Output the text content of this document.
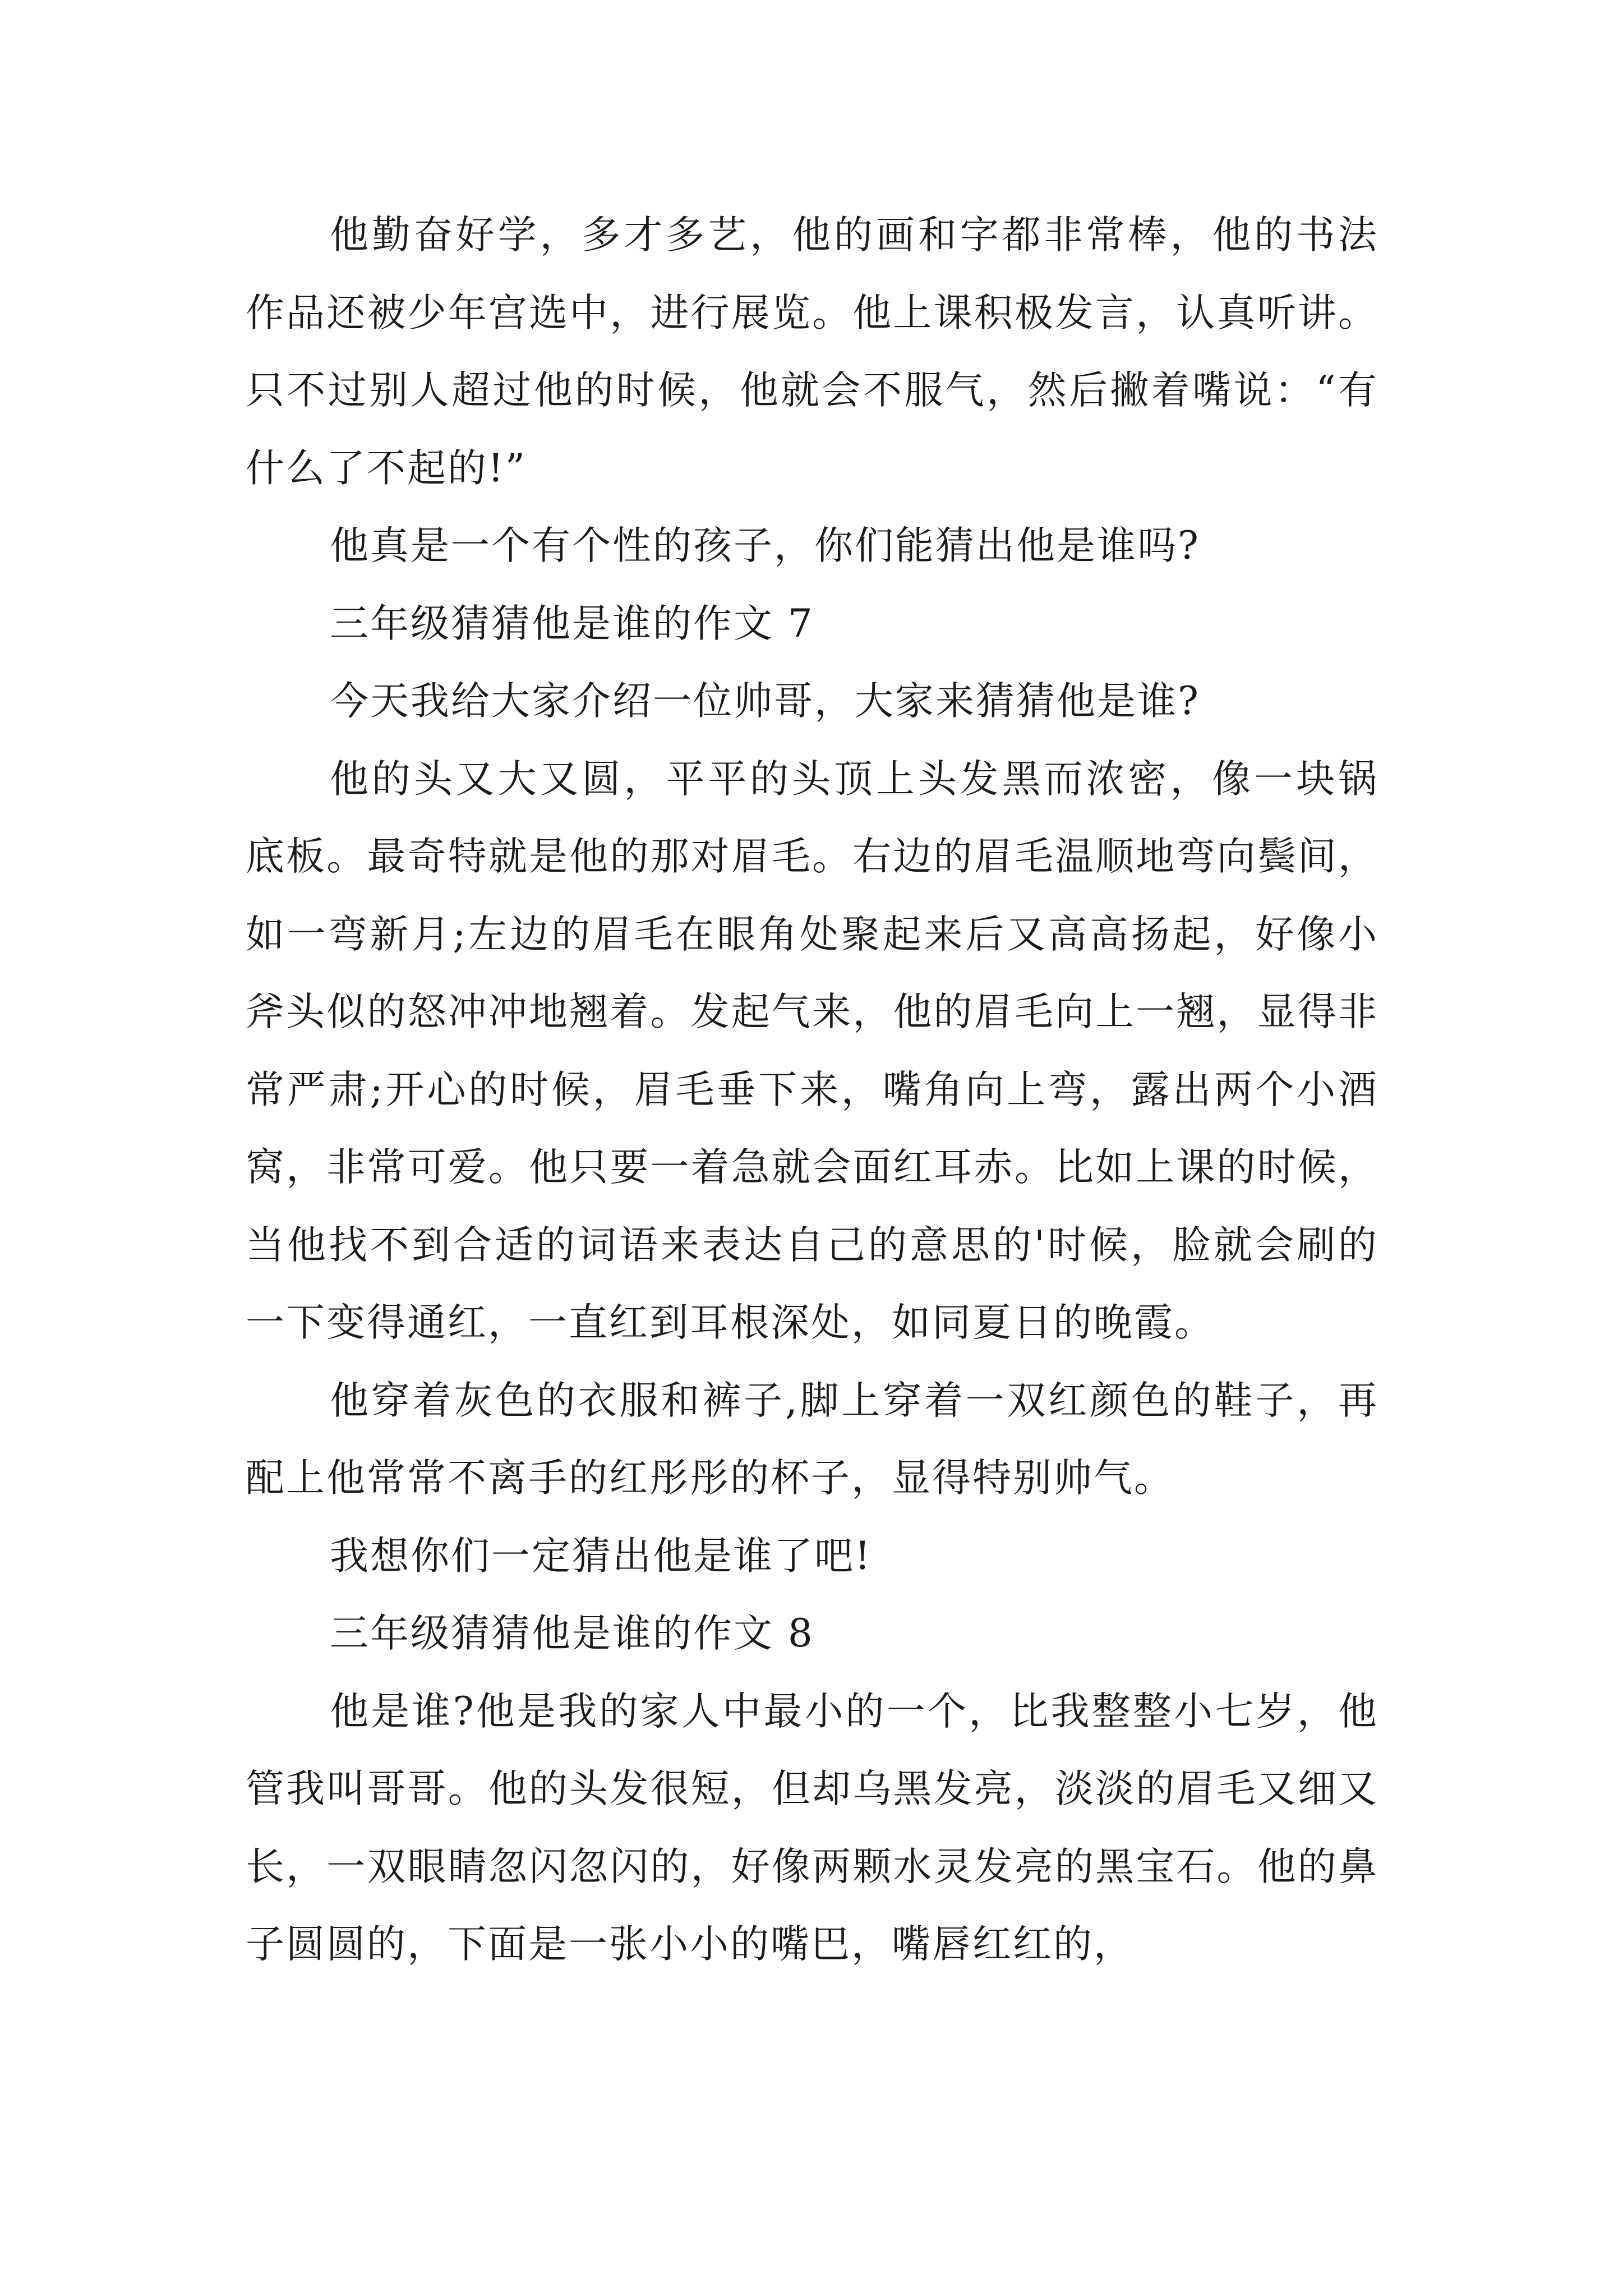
他勤奋好学，多才多艺，他的画和字都非常棒，他的书法作品还被少年宫选中，进行展览。他上课积极发言，认真听讲。只不过别人超过他的时候，他就会不服气，然后撇着嘴说：“有什么了不起的!”

他真是一个有个性的孩子，你们能猜出他是谁吗?

三年级猜猜他是谁的作文 7

今天我给大家介绍一位帅哥，大家来猜猜他是谁?

他的头又大又圆，平平的头顶上头发黑而浓密，像一块锅底板。最奇特就是他的那对眉毛。右边的眉毛温顺地弯向鬓间，如一弯新月;左边的眉毛在眼角处聚起来后又高高扬起，好像小斧头似的怒冲冲地翘着。发起气来，他的眉毛向上一翘，显得非常严肃;开心的时候，眉毛垂下来，嘴角向上弯，露出两个小酒窝，非常可爱。他只要一着急就会面红耳赤。比如上课的时候，当他找不到合适的词语来表达自己的意思的'时候，脸就会刷的一下变得通红，一直红到耳根深处，如同夏日的晚霞。

他穿着灰色的衣服和裤子,脚上穿着一双红颜色的鞋子，再配上他常常不离手的红彤彤的杯子，显得特别帅气。

我想你们一定猜出他是谁了吧!

三年级猜猜他是谁的作文 8

他是谁?他是我的家人中最小的一个，比我整整小七岁，他管我叫哥哥。他的头发很短，但却乌黑发亮，淡淡的眉毛又细又长，一双眼睛忽闪忽闪的，好像两颗水灵发亮的黑宝石。他的鼻子圆圆的，下面是一张小小的嘴巴，嘴唇红红的，
